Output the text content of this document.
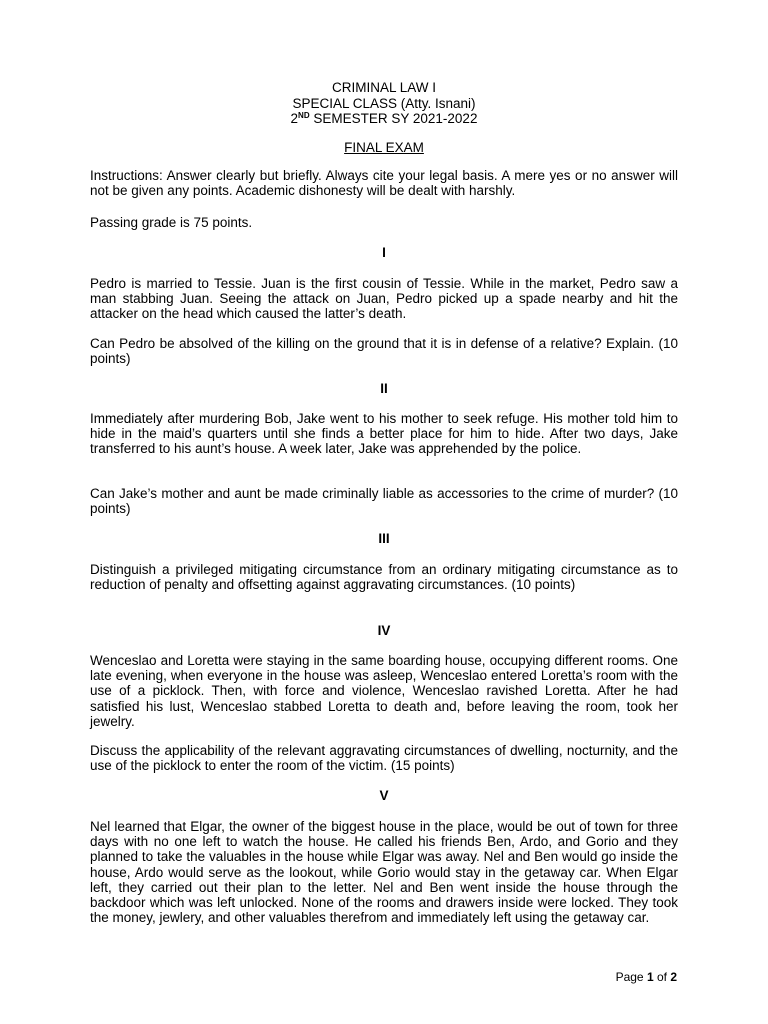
CRIMINAL LAW I
SPECIAL CLASS (Atty. Isnani)
2ND SEMESTER SY 2021-2022
FINAL EXAM

Instructions: Answer clearly but briefly. Always cite your legal basis. A mere yes or no answer will not be given any points. Academic dishonesty will be dealt with harshly.

Passing grade is 75 points.

I

Pedro is married to Tessie. Juan is the first cousin of Tessie. While in the market, Pedro saw a man stabbing Juan. Seeing the attack on Juan, Pedro picked up a spade nearby and hit the attacker on the head which caused the latter’s death.

Can Pedro be absolved of the killing on the ground that it is in defense of a relative? Explain. (10 points)

II

Immediately after murdering Bob, Jake went to his mother to seek refuge. His mother told him to hide in the maid’s quarters until she finds a better place for him to hide. After two days, Jake transferred to his aunt’s house. A week later, Jake was apprehended by the police.

Can Jake’s mother and aunt be made criminally liable as accessories to the crime of murder? (10 points)

III

Distinguish a privileged mitigating circumstance from an ordinary mitigating circumstance as to reduction of penalty and offsetting against aggravating circumstances. (10 points)

IV

Wenceslao and Loretta were staying in the same boarding house, occupying different rooms. One late evening, when everyone in the house was asleep, Wenceslao entered Loretta’s room with the use of a picklock. Then, with force and violence, Wenceslao ravished Loretta. After he had satisfied his lust, Wenceslao stabbed Loretta to death and, before leaving the room, took her jewelry.

Discuss the applicability of the relevant aggravating circumstances of dwelling, nocturnity, and the use of the picklock to enter the room of the victim. (15 points)

V

Nel learned that Elgar, the owner of the biggest house in the place, would be out of town for three days with no one left to watch the house. He called his friends Ben, Ardo, and Gorio and they planned to take the valuables in the house while Elgar was away. Nel and Ben would go inside the house, Ardo would serve as the lookout, while Gorio would stay in the getaway car. When Elgar left, they carried out their plan to the letter. Nel and Ben went inside the house through the backdoor which was left unlocked. None of the rooms and drawers inside were locked. They took the money, jewlery, and other valuables therefrom and immediately left using the getaway car.

Page 1 of 2
